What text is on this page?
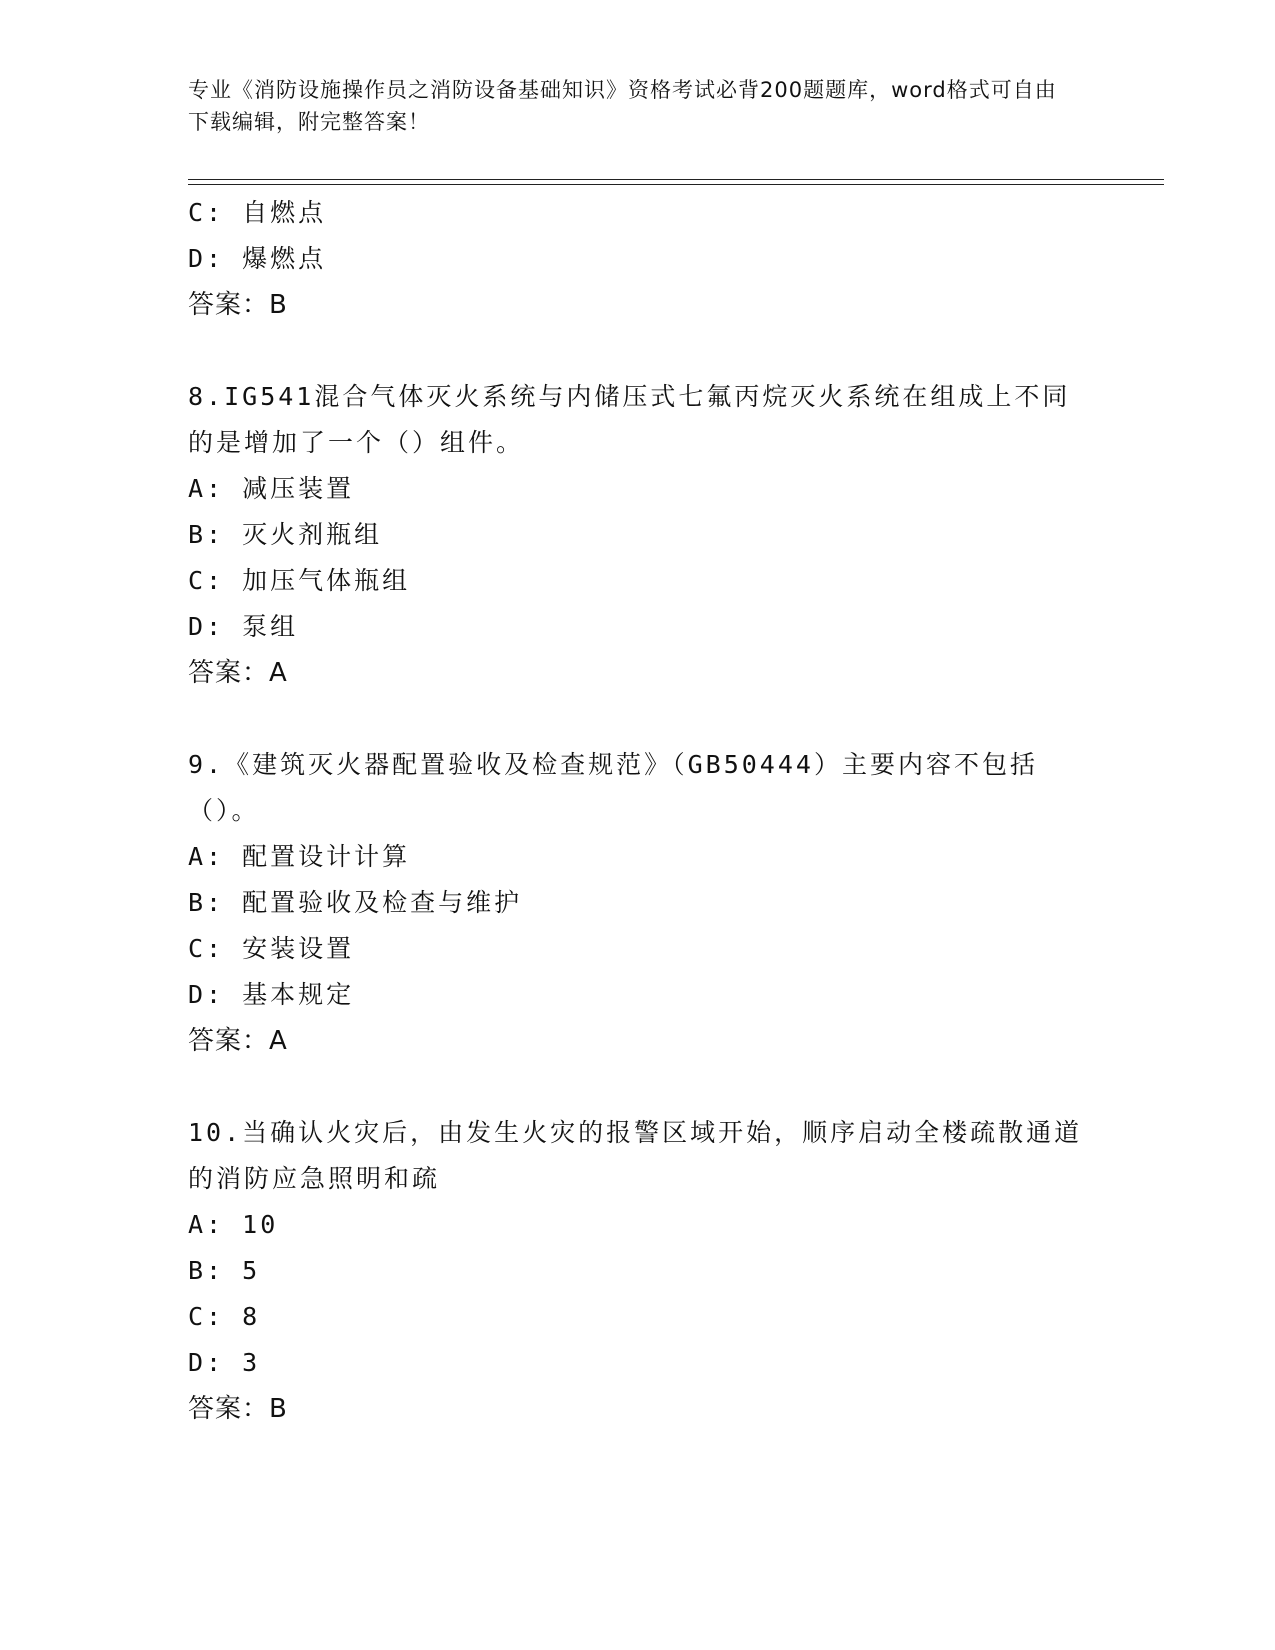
专业《消防设施操作员之消防设备基础知识》资格考试必背200题题库，word格式可自由下载编辑，附完整答案！
C: 自燃点
D: 爆燃点
答案：B
8.IG541混合气体灭火系统与内储压式七氟丙烷灭火系统在组成上不同的是增加了一个（）组件。
A: 减压装置
B: 灭火剂瓶组
C: 加压气体瓶组
D: 泵组
答案：A
9.《建筑灭火器配置验收及检查规范》（GB50444）主要内容不包括（）。
A: 配置设计计算
B: 配置验收及检查与维护
C: 安装设置
D: 基本规定
答案：A
10.当确认火灾后，由发生火灾的报警区域开始，顺序启动全楼疏散通道的消防应急照明和疏
A: 10
B: 5
C: 8
D: 3
答案：B
